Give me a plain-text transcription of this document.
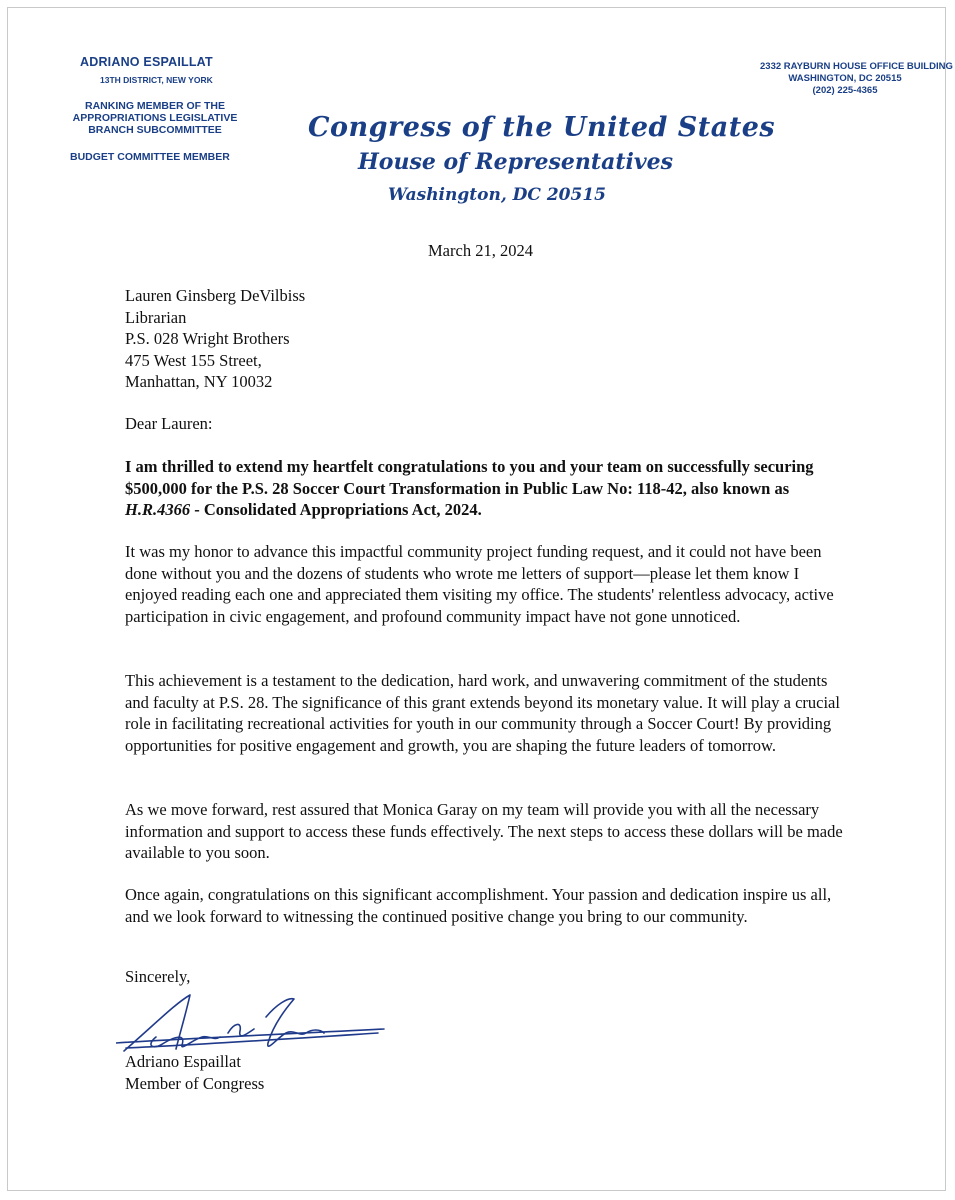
ADRIANO ESPAILLAT
13TH DISTRICT, NEW YORK
RANKING MEMBER OF THE
APPROPRIATIONS LEGISLATIVE
BRANCH SUBCOMMITTEE
BUDGET COMMITTEE MEMBER
2332 RAYBURN HOUSE OFFICE BUILDING
WASHINGTON, DC 20515
(202) 225-4365
Congress of the United States
House of Representatives
Washington, DC 20515
March 21, 2024
Lauren Ginsberg DeVilbiss
Librarian
P.S. 028 Wright Brothers
475 West 155 Street,
Manhattan, NY 10032
Dear Lauren:
I am thrilled to extend my heartfelt congratulations to you and your team on successfully securing $500,000 for the P.S. 28 Soccer Court Transformation in Public Law No: 118-42, also known as H.R.4366 - Consolidated Appropriations Act, 2024.
It was my honor to advance this impactful community project funding request, and it could not have been done without you and the dozens of students who wrote me letters of support—please let them know I enjoyed reading each one and appreciated them visiting my office. The students' relentless advocacy, active participation in civic engagement, and profound community impact have not gone unnoticed.
This achievement is a testament to the dedication, hard work, and unwavering commitment of the students and faculty at P.S. 28. The significance of this grant extends beyond its monetary value. It will play a crucial role in facilitating recreational activities for youth in our community through a Soccer Court! By providing opportunities for positive engagement and growth, you are shaping the future leaders of tomorrow.
As we move forward, rest assured that Monica Garay on my team will provide you with all the necessary information and support to access these funds effectively. The next steps to access these dollars will be made available to you soon.
Once again, congratulations on this significant accomplishment. Your passion and dedication inspire us all, and we look forward to witnessing the continued positive change you bring to our community.
Sincerely,
Adriano Espaillat
Member of Congress
